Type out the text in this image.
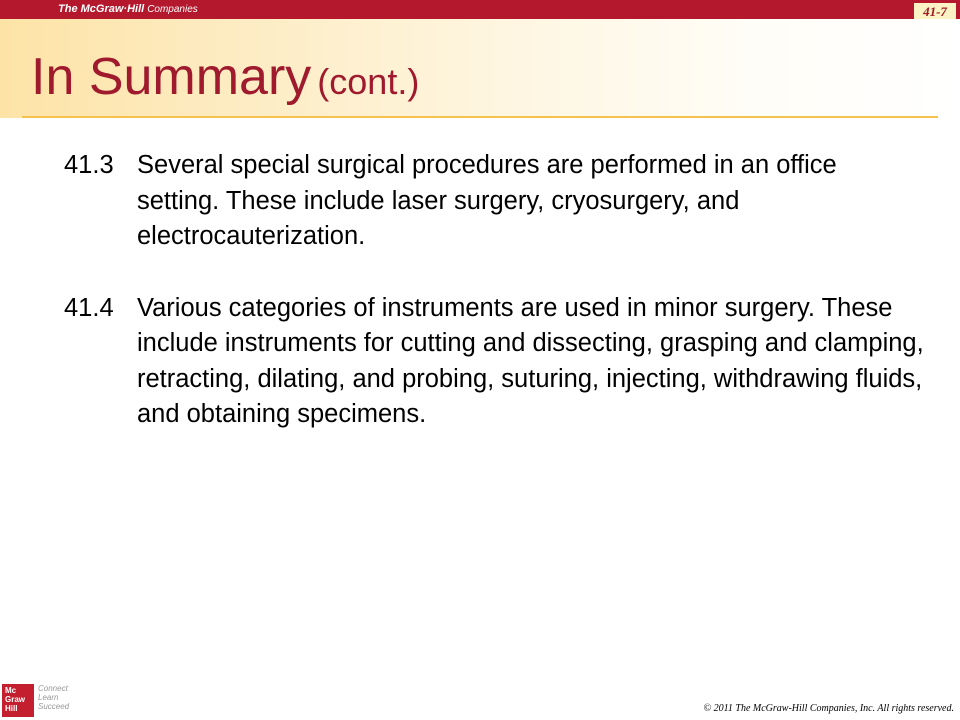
The McGraw·Hill Companies	41-7
In Summary (cont.)
41.3 Several special surgical procedures are performed in an office setting. These include laser surgery, cryosurgery, and electrocauterization.
41.4 Various categories of instruments are used in minor surgery. These include instruments for cutting and dissecting, grasping and clamping, retracting, dilating, and probing, suturing, injecting, withdrawing fluids, and obtaining specimens.
Mc
Graw
Hill
Connect
Learn
Succeed	© 2011 The McGraw-Hill Companies, Inc. All rights reserved.
